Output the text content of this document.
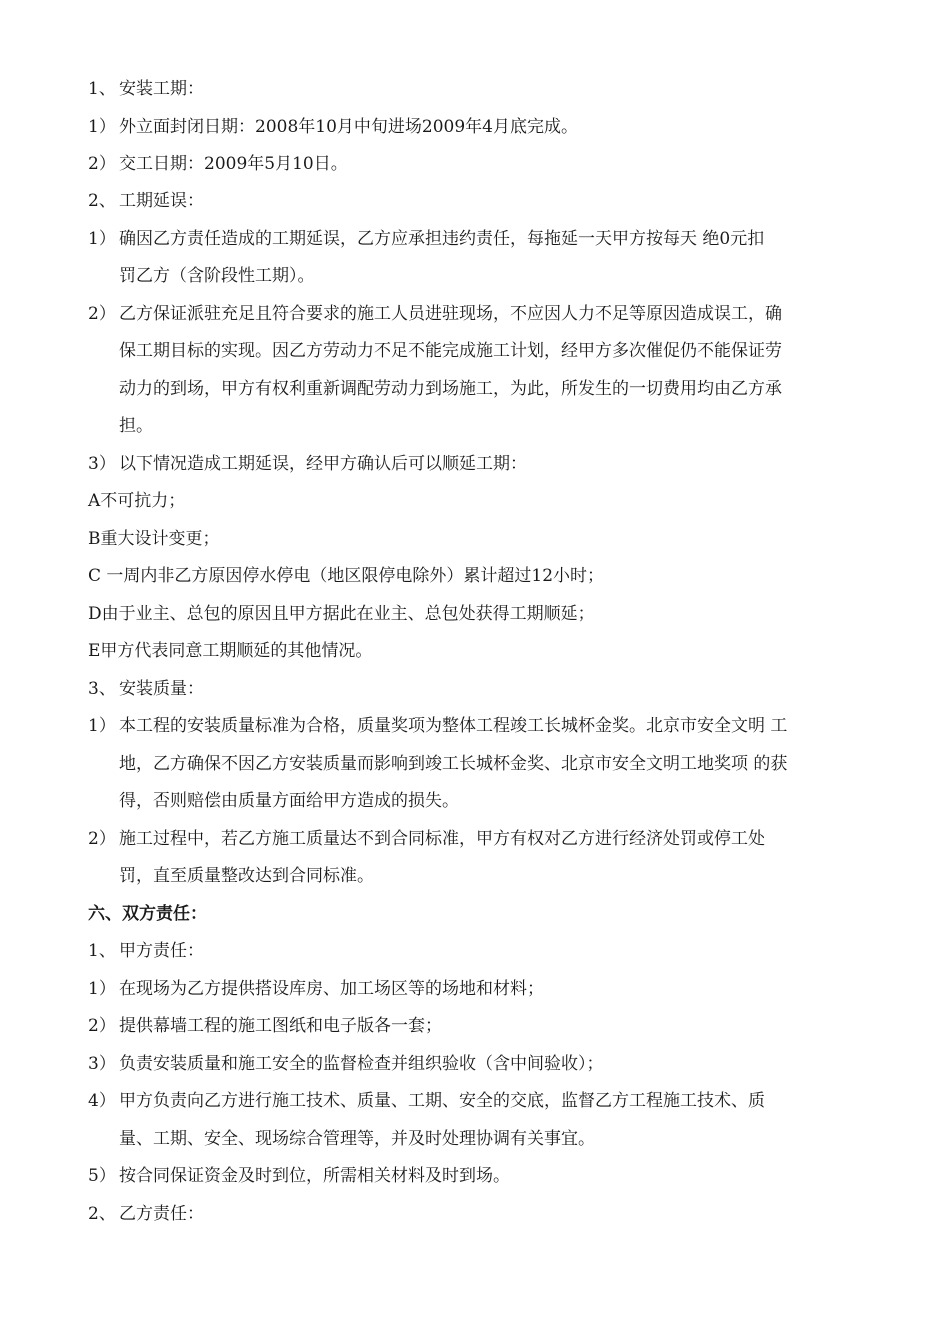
1、 安装工期：
1） 外立面封闭日期：2008年10月中旬进场2009年4月底完成。
2） 交工日期：2009年5月10日。
2、 工期延误：
1） 确因乙方责任造成的工期延误，乙方应承担违约责任，每拖延一天甲方按每天 绝0元扣
罚乙方（含阶段性工期）。
2） 乙方保证派驻充足且符合要求的施工人员进驻现场，不应因人力不足等原因造成误工，确
保工期目标的实现。因乙方劳动力不足不能完成施工计划，经甲方多次催促仍不能保证劳
动力的到场，甲方有权利重新调配劳动力到场施工，为此，所发生的一切费用均由乙方承
担。
3） 以下情况造成工期延误，经甲方确认后可以顺延工期：
A不可抗力；
B重大设计变更；
C 一周内非乙方原因停水停电（地区限停电除外）累计超过12小时；
D由于业主、总包的原因且甲方据此在业主、总包处获得工期顺延；
E甲方代表同意工期顺延的其他情况。
3、 安装质量：
1） 本工程的安装质量标准为合格，质量奖项为整体工程竣工长城杯金奖。北京市安全文明 工
地，乙方确保不因乙方安装质量而影响到竣工长城杯金奖、北京市安全文明工地奖项 的获
得，否则赔偿由质量方面给甲方造成的损失。
2） 施工过程中，若乙方施工质量达不到合同标准，甲方有权对乙方进行经济处罚或停工处
罚，直至质量整改达到合同标准。
六、双方责任：
1、 甲方责任：
1） 在现场为乙方提供搭设库房、加工场区等的场地和材料；
2） 提供幕墙工程的施工图纸和电子版各一套；
3） 负责安装质量和施工安全的监督检查并组织验收（含中间验收）；
4） 甲方负责向乙方进行施工技术、质量、工期、安全的交底，监督乙方工程施工技术、质
量、工期、安全、现场综合管理等，并及时处理协调有关事宜。
5） 按合同保证资金及时到位，所需相关材料及时到场。
2、 乙方责任：
